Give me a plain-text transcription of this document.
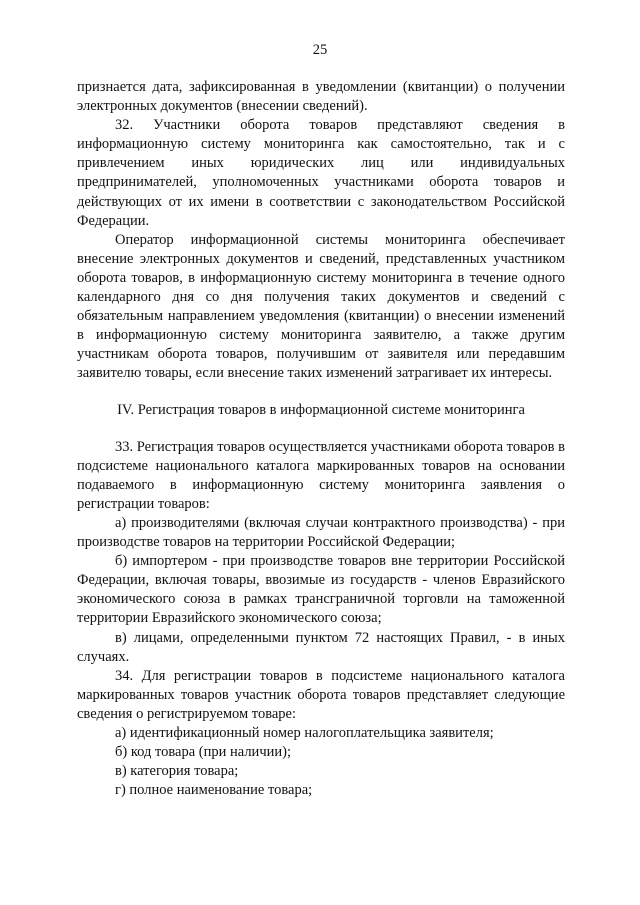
25

признается дата, зафиксированная в уведомлении (квитанции) о получении электронных документов (внесении сведений).

32. Участники оборота товаров представляют сведения в информационную систему мониторинга как самостоятельно, так и с привлечением иных юридических лиц или индивидуальных предпринимателей, уполномоченных участниками оборота товаров и действующих от их имени в соответствии с законодательством Российской Федерации.

Оператор информационной системы мониторинга обеспечивает внесение электронных документов и сведений, представленных участником оборота товаров, в информационную систему мониторинга в течение одного календарного дня со дня получения таких документов и сведений с обязательным направлением уведомления (квитанции) о внесении изменений в информационную систему мониторинга заявителю, а также другим участникам оборота товаров, получившим от заявителя или передавшим заявителю товары, если внесение таких изменений затрагивает их интересы.

IV. Регистрация товаров в информационной системе мониторинга

33. Регистрация товаров осуществляется участниками оборота товаров в подсистеме национального каталога маркированных товаров на основании подаваемого в информационную систему мониторинга заявления о регистрации товаров:

а) производителями (включая случаи контрактного производства) - при производстве товаров на территории Российской Федерации;

б) импортером - при производстве товаров вне территории Российской Федерации, включая товары, ввозимые из государств - членов Евразийского экономического союза в рамках трансграничной торговли на таможенной территории Евразийского экономического союза;

в) лицами, определенными пунктом 72 настоящих Правил, - в иных случаях.

34. Для регистрации товаров в подсистеме национального каталога маркированных товаров участник оборота товаров представляет следующие сведения о регистрируемом товаре:

а) идентификационный номер налогоплательщика заявителя;

б) код товара (при наличии);

в) категория товара;

г) полное наименование товара;
